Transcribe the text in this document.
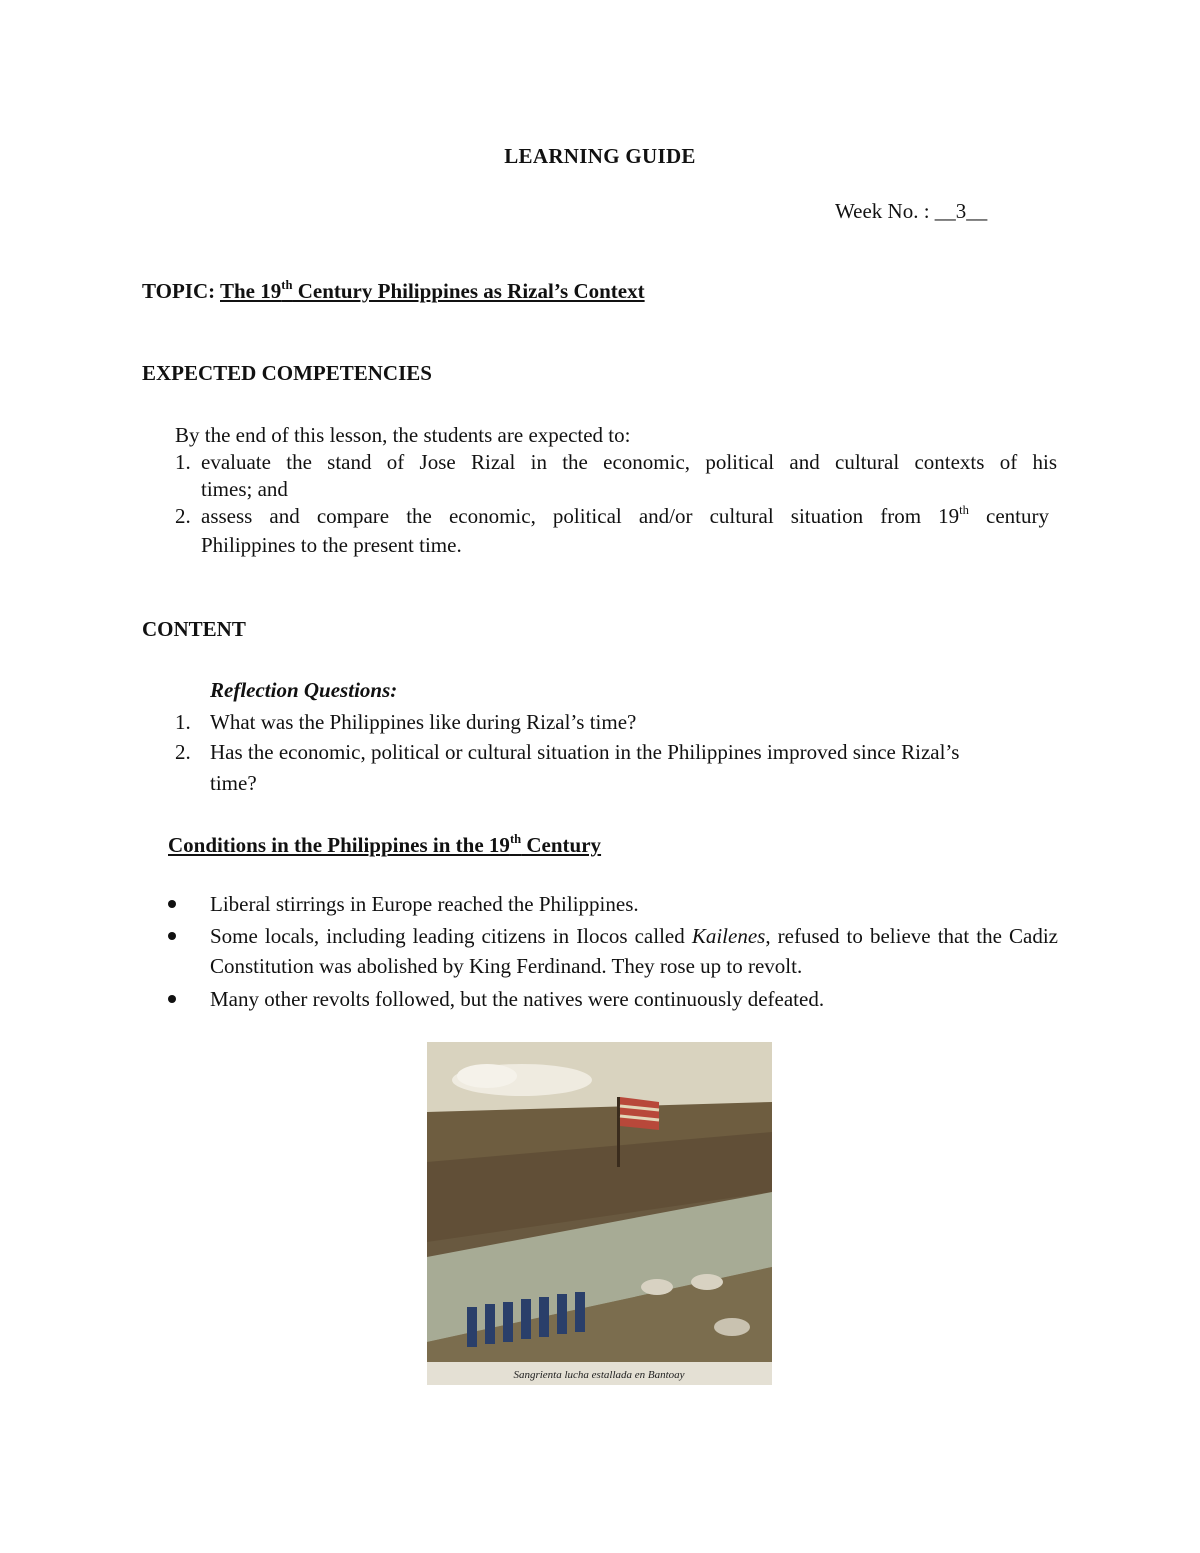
LEARNING GUIDE
Week No. : __3__
TOPIC: The 19th Century Philippines as Rizal’s Context
EXPECTED COMPETENCIES
By the end of this lesson, the students are expected to:
1. evaluate the stand of Jose Rizal in the economic, political and cultural contexts of his
times; and
2. assess and compare the economic, political and/or cultural situation from 19th century
Philippines to the present time.
CONTENT
Reflection Questions:
1. What was the Philippines like during Rizal’s time?
2. Has the economic, political or cultural situation in the Philippines improved since Rizal’s
time?
Conditions in the Philippines in the 19th Century
Liberal stirrings in Europe reached the Philippines.
Some locals, including leading citizens in Ilocos called Kailenes, refused to believe that the Cadiz Constitution was abolished by King Ferdinand. They rose up to revolt.
Many other revolts followed, but the natives were continuously defeated.
Sangrienta lucha estallada en Bantoay
